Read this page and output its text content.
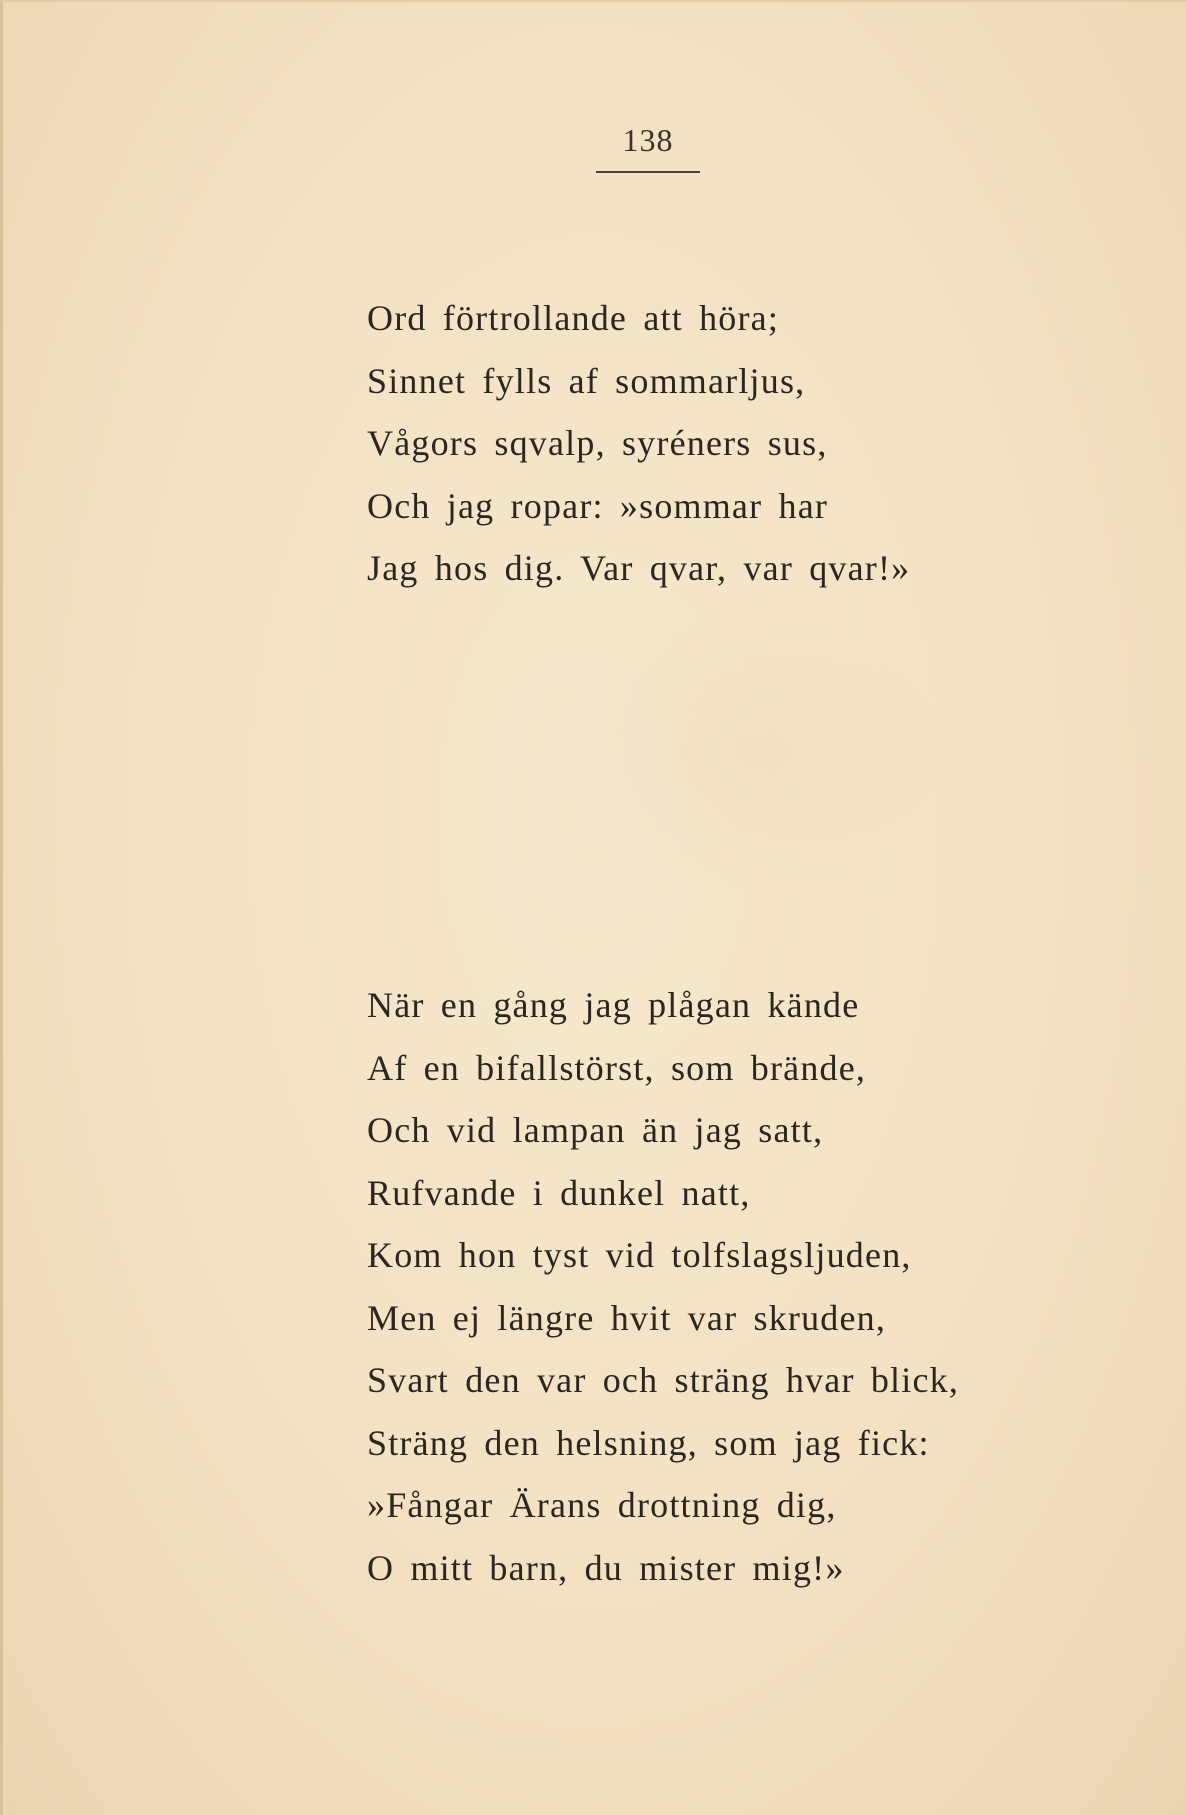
138
Ord förtrollande att höra;
Sinnet fylls af sommarljus,
Vågors sqvalp, syréners sus,
Och jag ropar: »sommar har
Jag hos dig. Var qvar, var qvar!»
När en gång jag plågan kände
Af en bifallstörst, som brände,
Och vid lampan än jag satt,
Rufvande i dunkel natt,
Kom hon tyst vid tolfslagsljuden,
Men ej längre hvit var skruden,
Svart den var och sträng hvar blick,
Sträng den helsning, som jag fick:
»Fångar Ärans drottning dig,
O mitt barn, du mister mig!»
